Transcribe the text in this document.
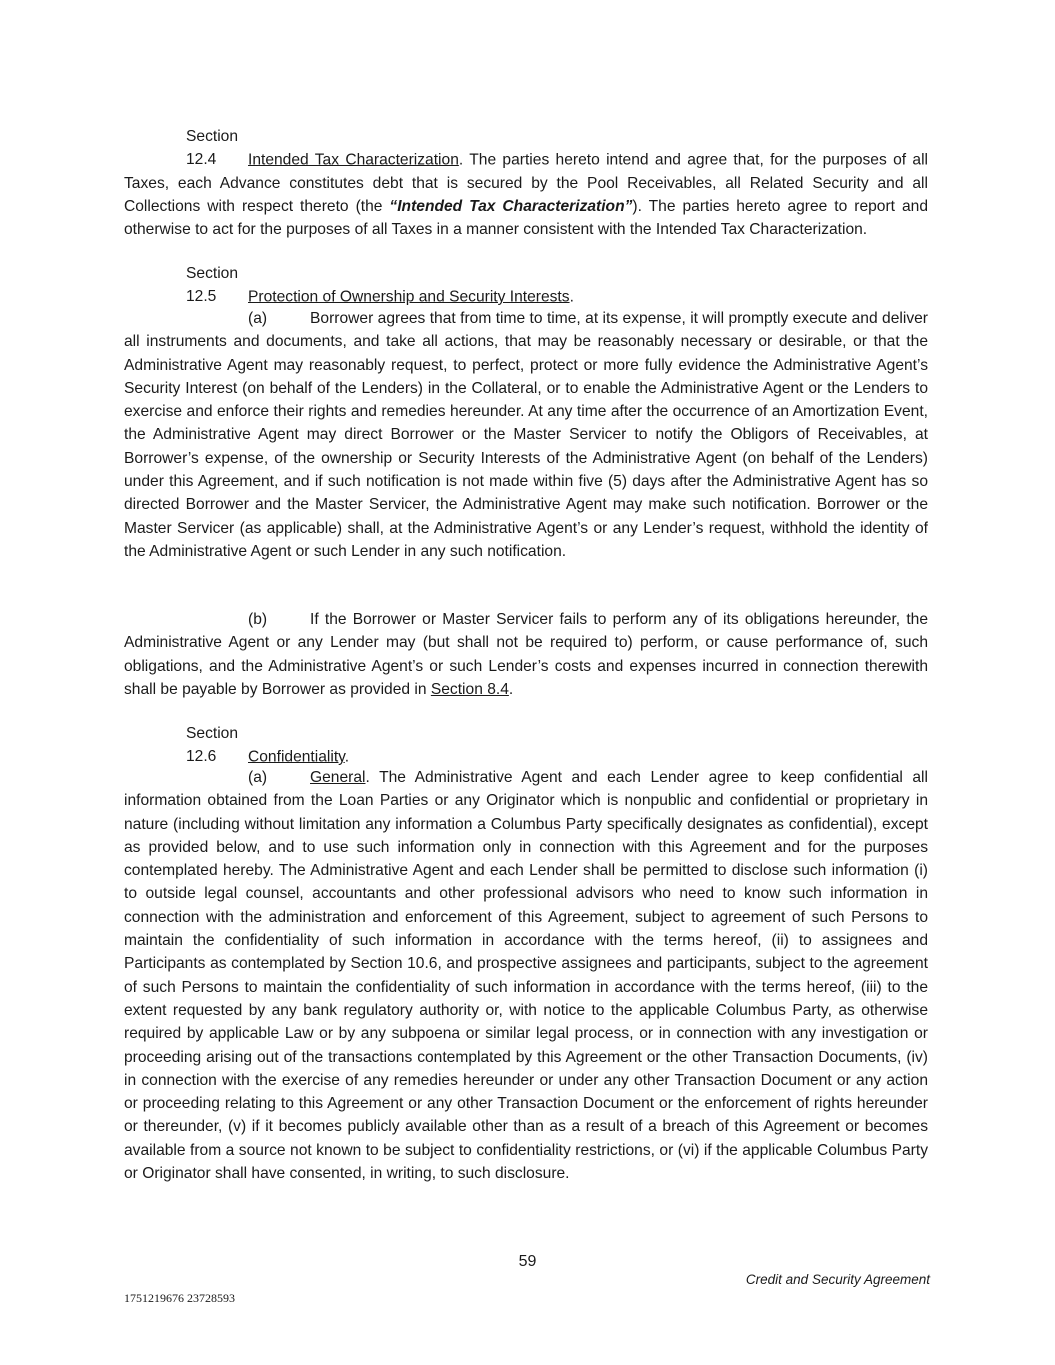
Section 12.4 Intended Tax Characterization. The parties hereto intend and agree that, for the purposes of all Taxes, each Advance constitutes debt that is secured by the Pool Receivables, all Related Security and all Collections with respect thereto (the “Intended Tax Characterization”). The parties hereto agree to report and otherwise to act for the purposes of all Taxes in a manner consistent with the Intended Tax Characterization.

Section 12.5 Protection of Ownership and Security Interests.

(a)	Borrower agrees that from time to time, at its expense, it will promptly execute and deliver all instruments and documents, and take all actions, that may be reasonably necessary or desirable, or that the Administrative Agent may reasonably request, to perfect, protect or more fully evidence the Administrative Agent’s Security Interest (on behalf of the Lenders) in the Collateral, or to enable the Administrative Agent or the Lenders to exercise and enforce their rights and remedies hereunder. At any time after the occurrence of an Amortization Event, the Administrative Agent may direct Borrower or the Master Servicer to notify the Obligors of Receivables, at Borrower’s expense, of the ownership or Security Interests of the Administrative Agent (on behalf of the Lenders) under this Agreement, and if such notification is not made within five (5) days after the Administrative Agent has so directed Borrower and the Master Servicer, the Administrative Agent may make such notification. Borrower or the Master Servicer (as applicable) shall, at the Administrative Agent’s or any Lender’s request, withhold the identity of the Administrative Agent or such Lender in any such notification.

(b)	If the Borrower or Master Servicer fails to perform any of its obligations hereunder, the Administrative Agent or any Lender may (but shall not be required to) perform, or cause performance of, such obligations, and the Administrative Agent’s or such Lender’s costs and expenses incurred in connection therewith shall be payable by Borrower as provided in Section 8.4.

Section 12.6 Confidentiality.

(a)	General. The Administrative Agent and each Lender agree to keep confidential all information obtained from the Loan Parties or any Originator which is nonpublic and confidential or proprietary in nature (including without limitation any information a Columbus Party specifically designates as confidential), except as provided below, and to use such information only in connection with this Agreement and for the purposes contemplated hereby. The Administrative Agent and each Lender shall be permitted to disclose such information (i) to outside legal counsel, accountants and other professional advisors who need to know such information in connection with the administration and enforcement of this Agreement, subject to agreement of such Persons to maintain the confidentiality of such information in accordance with the terms hereof, (ii) to assignees and Participants as contemplated by Section 10.6, and prospective assignees and participants, subject to the agreement of such Persons to maintain the confidentiality of such information in accordance with the terms hereof, (iii) to the extent requested by any bank regulatory authority or, with notice to the applicable Columbus Party, as otherwise required by applicable Law or by any subpoena or similar legal process, or in connection with any investigation or proceeding arising out of the transactions contemplated by this Agreement or the other Transaction Documents, (iv) in connection with the exercise of any remedies hereunder or under any other Transaction Document or any action or proceeding relating to this Agreement or any other Transaction Document or the enforcement of rights hereunder or thereunder, (v) if it becomes publicly available other than as a result of a breach of this Agreement or becomes available from a source not known to be subject to confidentiality restrictions, or (vi) if the applicable Columbus Party or Originator shall have consented, in writing, to such disclosure.

59
Credit and Security Agreement
1751219676 23728593
